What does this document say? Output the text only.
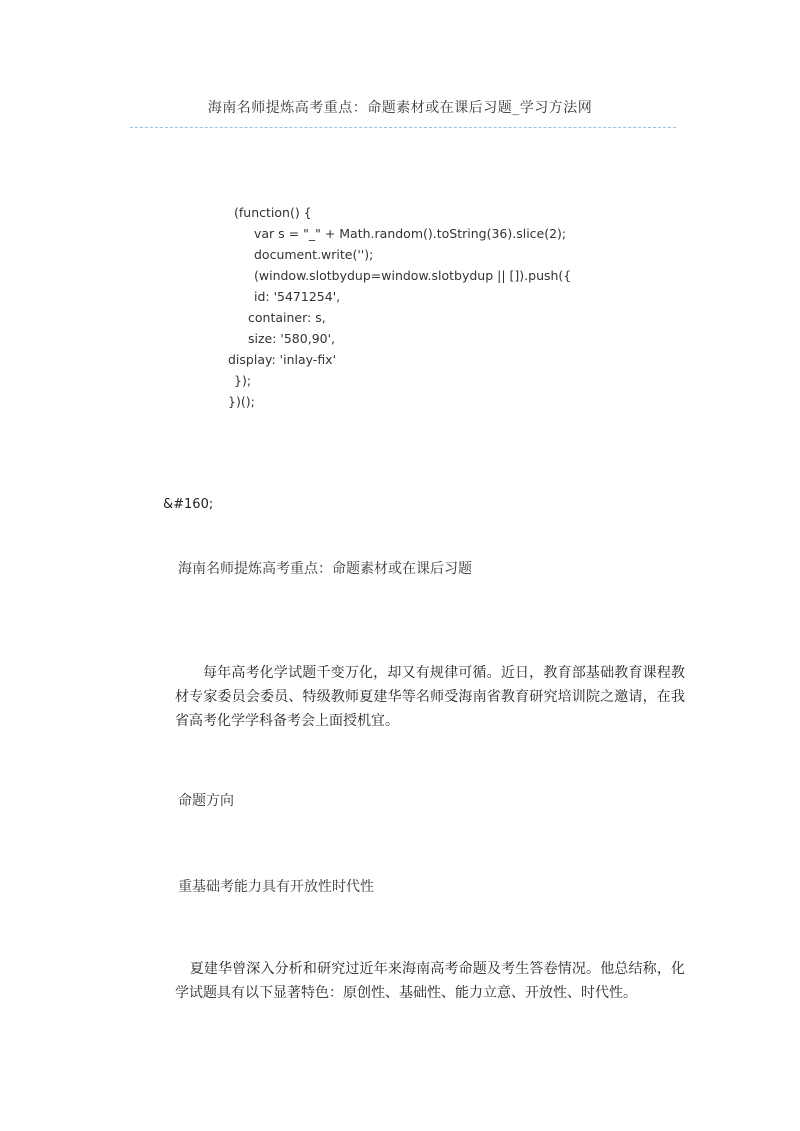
海南名师提炼高考重点：命题素材或在课后习题_学习方法网
(function() {
var s = "_" + Math.random().toString(36).slice(2);
document.write('');
(window.slotbydup=window.slotbydup || []).push({
id: '5471254',
container: s,
size: '580,90',
display: 'inlay-fix'
});
})();
&#160;
海南名师提炼高考重点：命题素材或在课后习题
每年高考化学试题千变万化，却又有规律可循。近日，教育部基础教育课程教材专家委员会委员、特级教师夏建华等名师受海南省教育研究培训院之邀请，在我省高考化学学科备考会上面授机宜。
命题方向
重基础考能力具有开放性时代性
夏建华曾深入分析和研究过近年来海南高考命题及考生答卷情况。他总结称，化学试题具有以下显著特色：原创性、基础性、能力立意、开放性、时代性。
